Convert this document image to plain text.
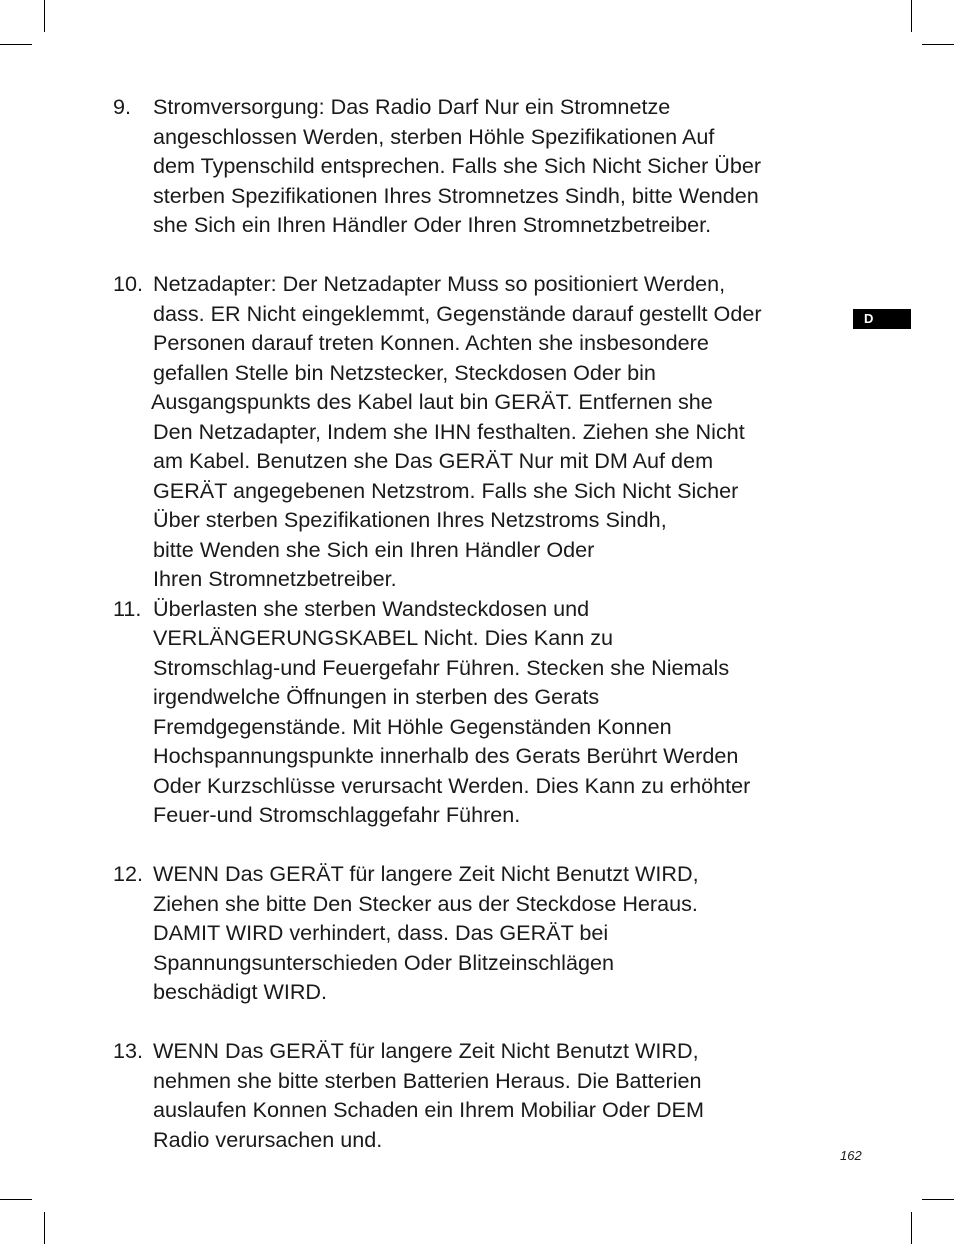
D
9. Stromversorgung: Das Radio Darf Nur ein Stromnetze
angeschlossen Werden, sterben Höhle Spezifikationen Auf
dem Typenschild entsprechen. Falls she Sich Nicht Sicher Über
sterben Spezifikationen Ihres Stromnetzes Sindh, bitte Wenden
she Sich ein Ihren Händler Oder Ihren Stromnetzbetreiber.
10. Netzadapter: Der Netzadapter Muss so positioniert Werden,
dass. ER Nicht eingeklemmt, Gegenstände darauf gestellt Oder
Personen darauf treten Konnen. Achten she insbesondere
gefallen Stelle bin Netzstecker, Steckdosen Oder bin
Ausgangspunkts des Kabel laut bin GERÄT. Entfernen she
Den Netzadapter, Indem she IHN festhalten. Ziehen she Nicht
am Kabel. Benutzen she Das GERÄT Nur mit DM Auf dem
GERÄT angegebenen Netzstrom. Falls she Sich Nicht Sicher
Über sterben Spezifikationen Ihres Netzstroms Sindh,
bitte Wenden she Sich ein Ihren Händler Oder
Ihren Stromnetzbetreiber.
11. Überlasten she sterben Wandsteckdosen und
VERLÄNGERUNGSKABEL Nicht. Dies Kann zu
Stromschlag-und Feuergefahr Führen. Stecken she Niemals
irgendwelche Öffnungen in sterben des Gerats
Fremdgegenstände. Mit Höhle Gegenständen Konnen
Hochspannungspunkte innerhalb des Gerats Berührt Werden
Oder Kurzschlüsse verursacht Werden. Dies Kann zu erhöhter
Feuer-und Stromschlaggefahr Führen.
12. WENN Das GERÄT für langere Zeit Nicht Benutzt WIRD,
Ziehen she bitte Den Stecker aus der Steckdose Heraus.
DAMIT WIRD verhindert, dass. Das GERÄT bei
Spannungsunterschieden Oder Blitzeinschlägen
beschädigt WIRD.
13. WENN Das GERÄT für langere Zeit Nicht Benutzt WIRD,
nehmen she bitte sterben Batterien Heraus. Die Batterien
auslaufen Konnen Schaden ein Ihrem Mobiliar Oder DEM
Radio verursachen und.
162
